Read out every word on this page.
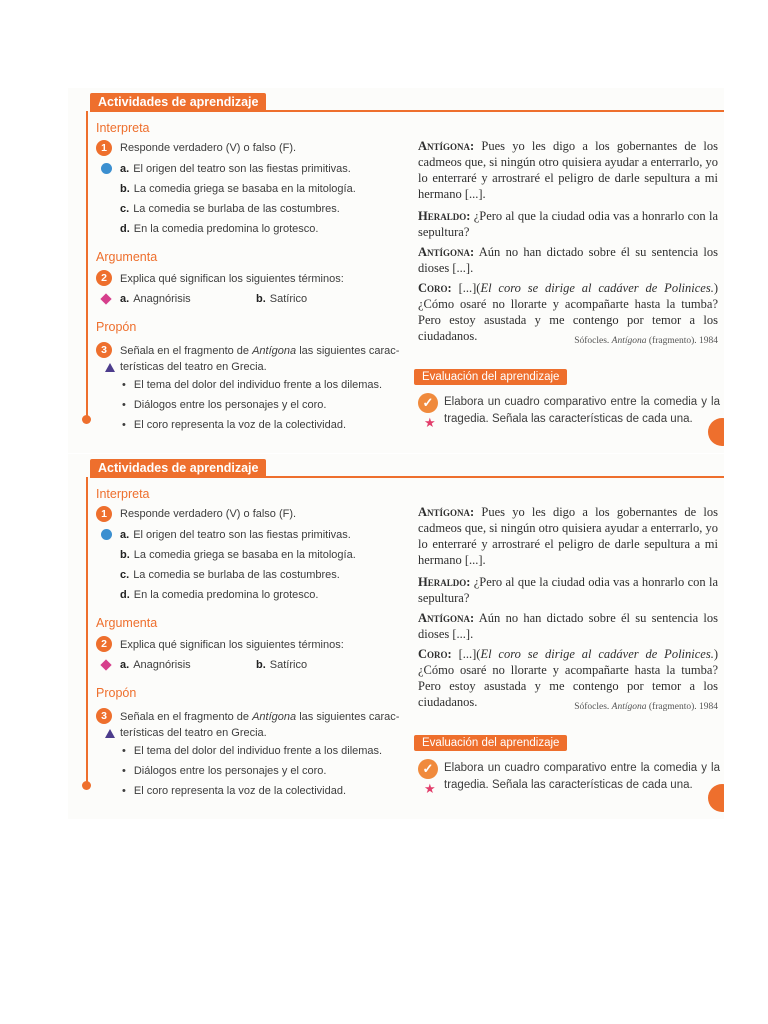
Actividades de aprendizaje
Interpreta
1	Responde verdadero (V) o falso (F).
a. El origen del teatro son las fiestas primitivas.
b. La comedia griega se basaba en la mitología.
c. La comedia se burlaba de las costumbres.
d. En la comedia predomina lo grotesco.
Argumenta
2	Explica qué significan los siguientes términos:
a. Anagnórisis	b. Satírico
Propón
3	Señala en el fragmento de Antígona las siguientes carac-
terísticas del teatro en Grecia.
• El tema del dolor del individuo frente a los dilemas.
• Diálogos entre los personajes y el coro.
• El coro representa la voz de la colectividad.
Antígona: Pues yo les digo a los gobernantes de los cadmeos que, si ningún otro quisiera ayudar a enterrarlo, yo lo enterraré y arrostraré el peligro de darle sepultura a mi hermano [...].
Heraldo: ¿Pero al que la ciudad odia vas a honrarlo con la sepultura?
Antígona: Aún no han dictado sobre él su sentencia los dioses [...].
Coro: [...](El coro se dirige al cadáver de Polinices.) ¿Cómo osaré no llorarte y acompañarte hasta la tumba? Pero estoy asustada y me contengo por temor a los ciudadanos.	Sófocles. Antígona (fragmento). 1984
Evaluación del aprendizaje
✓
★
Elabora un cuadro comparativo entre la comedia y la tragedia. Señala las características de cada una.
Actividades de aprendizaje
Interpreta
1	Responde verdadero (V) o falso (F).
a. El origen del teatro son las fiestas primitivas.
b. La comedia griega se basaba en la mitología.
c. La comedia se burlaba de las costumbres.
d. En la comedia predomina lo grotesco.
Argumenta
2	Explica qué significan los siguientes términos:
a. Anagnórisis	b. Satírico
Propón
3	Señala en el fragmento de Antígona las siguientes carac-
terísticas del teatro en Grecia.
• El tema del dolor del individuo frente a los dilemas.
• Diálogos entre los personajes y el coro.
• El coro representa la voz de la colectividad.
Antígona: Pues yo les digo a los gobernantes de los cadmeos que, si ningún otro quisiera ayudar a enterrarlo, yo lo enterraré y arrostraré el peligro de darle sepultura a mi hermano [...].
Heraldo: ¿Pero al que la ciudad odia vas a honrarlo con la sepultura?
Antígona: Aún no han dictado sobre él su sentencia los dioses [...].
Coro: [...](El coro se dirige al cadáver de Polinices.) ¿Cómo osaré no llorarte y acompañarte hasta la tumba? Pero estoy asustada y me contengo por temor a los ciudadanos.	Sófocles. Antígona (fragmento). 1984
Evaluación del aprendizaje
✓
★
Elabora un cuadro comparativo entre la comedia y la tragedia. Señala las características de cada una.
